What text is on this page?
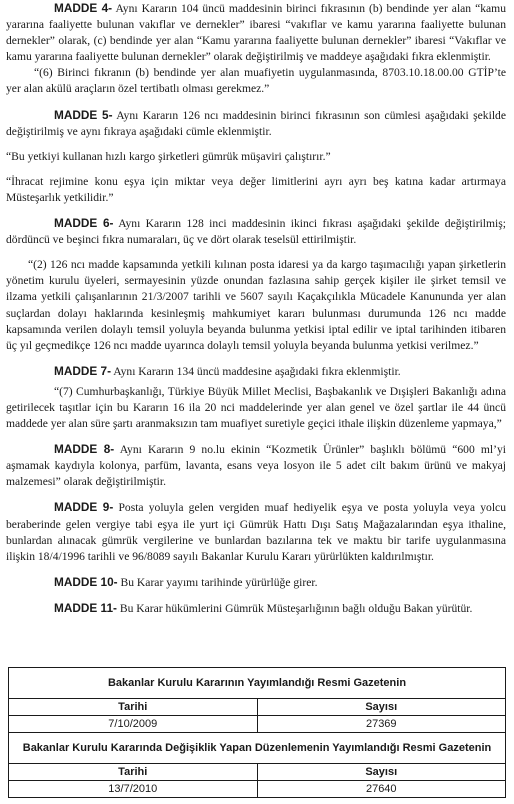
MADDE 4- Aynı Kararın 104 üncü maddesinin birinci fıkrasının (b) bendinde yer alan “kamu yararına faaliyette bulunan vakıflar ve dernekler” ibaresi “vakıflar ve kamu yararına faaliyette bulunan dernekler” olarak, (c) bendinde yer alan “Kamu yararına faaliyette bulunan dernekler” ibaresi “Vakıflar ve kamu yararına faaliyette bulunan dernekler” olarak değiştirilmiş ve maddeye aşağıdaki fıkra eklenmiştir.

“(6) Birinci fıkranın (b) bendinde yer alan muafiyetin uygulanmasında, 8703.10.18.00.00 GTİP’te yer alan akülü araçların özel tertibatlı olması gerekmez.”

MADDE 5- Aynı Kararın 126 ncı maddesinin birinci fıkrasının son cümlesi aşağıdaki şekilde değiştirilmiş ve aynı fıkraya aşağıdaki cümle eklenmiştir.

“Bu yetkiyi kullanan hızlı kargo şirketleri gümrük müşaviri çalıştırır.”

“İhracat rejimine konu eşya için miktar veya değer limitlerini ayrı ayrı beş katına kadar artırmaya Müsteşarlık yetkilidir.”

MADDE 6- Aynı Kararın 128 inci maddesinin ikinci fıkrası aşağıdaki şekilde değiştirilmiş; dördüncü ve beşinci fıkra numaraları, üç ve dört olarak teselsül ettirilmiştir.

“(2) 126 ncı madde kapsamında yetkili kılınan posta idaresi ya da kargo taşımacılığı yapan şirketlerin yönetim kurulu üyeleri, sermayesinin yüzde onundan fazlasına sahip gerçek kişiler ile şirket temsil ve ilzama yetkili çalışanlarının 21/3/2007 tarihli ve 5607 sayılı Kaçakçılıkla Mücadele Kanununda yer alan suçlardan dolayı haklarında kesinleşmiş mahkumiyet kararı bulunması durumunda 126 ncı madde kapsamında verilen dolaylı temsil yoluyla beyanda bulunma yetkisi iptal edilir ve iptal tarihinden itibaren üç yıl geçmedikçe 126 ncı madde uyarınca dolaylı temsil yoluyla beyanda bulunma yetkisi verilmez.”

MADDE 7- Aynı Kararın 134 üncü maddesine aşağıdaki fıkra eklenmiştir.

“(7) Cumhurbaşkanlığı, Türkiye Büyük Millet Meclisi, Başbakanlık ve Dışişleri Bakanlığı adına getirilecek taşıtlar için bu Kararın 16 ila 20 nci maddelerinde yer alan genel ve özel şartlar ile 44 üncü maddede yer alan süre şartı aranmaksızın tam muafiyet suretiyle geçici ithale ilişkin düzenleme yapmaya,”

MADDE 8- Aynı Kararın 9 no.lu ekinin “Kozmetik Ürünler” başlıklı bölümü “600 ml’yi aşmamak kaydıyla kolonya, parfüm, lavanta, esans veya losyon ile 5 adet cilt bakım ürünü ve makyaj malzemesi” olarak değiştirilmiştir.

MADDE 9- Posta yoluyla gelen vergiden muaf hediyelik eşya ve posta yoluyla veya yolcu beraberinde gelen vergiye tabi eşya ile yurt içi Gümrük Hattı Dışı Satış Mağazalarından eşya ithaline, bunlardan alınacak gümrük vergilerine ve bunlardan bazılarına tek ve maktu bir tarife uygulanmasına ilişkin 18/4/1996 tarihli ve 96/8089 sayılı Bakanlar Kurulu Kararı yürürlükten kaldırılmıştır.

MADDE 10- Bu Karar yayımı tarihinde yürürlüğe girer.

MADDE 11- Bu Karar hükümlerini Gümrük Müsteşarlığının bağlı olduğu Bakan yürütür.

Bakanlar Kurulu Kararının Yayımlandığı Resmi Gazetenin	
Tarihi	Sayısı
7/10/2009	27369
Bakanlar Kurulu Kararında Değişiklik Yapan Düzenlemenin Yayımlandığı Resmi Gazetenin	
Tarihi	Sayısı
13/7/2010	27640
